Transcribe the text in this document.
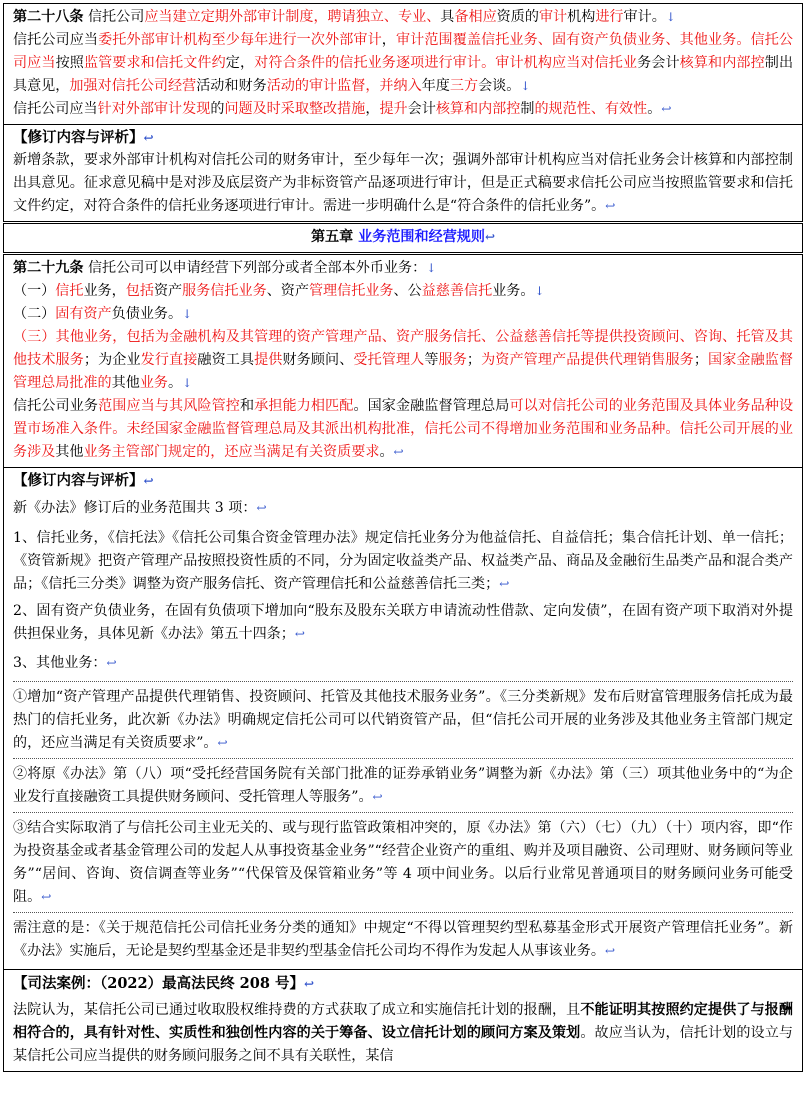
第二十八条 信托公司应当建立定期外部审计制度，聘请独立、专业、具备相应资质的审计机构进行审计。↓

信托公司应当委托外部审计机构至少每年进行一次外部审计，审计范围覆盖信托业务、固有资产负债业务、其他业务。信托公司应当按照监管要求和信托文件约定，对符合条件的信托业务逐项进行审计。审计机构应当对信托业务会计核算和内部控制出具意见，加强对信托公司经营活动和财务活动的审计监督，并纳入年度三方会谈。↓

信托公司应当针对外部审计发现的问题及时采取整改措施，提升会计核算和内部控制的规范性、有效性。↩

【修订内容与评析】↩

新增条款，要求外部审计机构对信托公司的财务审计，至少每年一次；强调外部审计机构应当对信托业务会计核算和内部控制出具意见。征求意见稿中是对涉及底层资产为非标资管产品逐项进行审计，但是正式稿要求信托公司应当按照监管要求和信托文件约定，对符合条件的信托业务逐项进行审计。需进一步明确什么是“符合条件的信托业务”。↩

第五章 业务范围和经营规则↩

第二十九条 信托公司可以申请经营下列部分或者全部本外币业务：↓

（一）信托业务，包括资产服务信托业务、资产管理信托业务、公益慈善信托业务。↓

（二）固有资产负债业务。↓

（三）其他业务，包括为金融机构及其管理的资产管理产品、资产服务信托、公益慈善信托等提供投资顾问、咨询、托管及其他技术服务；为企业发行直接融资工具提供财务顾问、受托管理人等服务；为资产管理产品提供代理销售服务；国家金融监督管理总局批准的其他业务。↓

信托公司业务范围应当与其风险管控和承担能力相匹配。国家金融监督管理总局可以对信托公司的业务范围及具体业务品种设置市场准入条件。未经国家金融监督管理总局及其派出机构批准，信托公司不得增加业务范围和业务品种。信托公司开展的业务涉及其他业务主管部门规定的，还应当满足有关资质要求。↩

【修订内容与评析】↩

新《办法》修订后的业务范围共 3 项：↩

1、信托业务，《信托法》《信托公司集合资金管理办法》规定信托业务分为他益信托、自益信托；集合信托计划、单一信托；《资管新规》把资产管理产品按照投资性质的不同，分为固定收益类产品、权益类产品、商品及金融衍生品类产品和混合类产品；《信托三分类》调整为资产服务信托、资产管理信托和公益慈善信托三类；↩

2、固有资产负债业务，在固有负债项下增加向“股东及股东关联方申请流动性借款、定向发债”，在固有资产项下取消对外提供担保业务，具体见新《办法》第五十四条；↩

3、其他业务：↩

①增加“资产管理产品提供代理销售、投资顾问、托管及其他技术服务业务”。《三分类新规》发布后财富管理服务信托成为最热门的信托业务，此次新《办法》明确规定信托公司可以代销资管产品，但“信托公司开展的业务涉及其他业务主管部门规定的，还应当满足有关资质要求”。↩

②将原《办法》第（八）项“受托经营国务院有关部门批准的证券承销业务”调整为新《办法》第（三）项其他业务中的“为企业发行直接融资工具提供财务顾问、受托管理人等服务”。↩

③结合实际取消了与信托公司主业无关的、或与现行监管政策相冲突的，原《办法》第（六）（七）（九）（十）项内容，即“作为投资基金或者基金管理公司的发起人从事投资基金业务”“经营企业资产的重组、购并及项目融资、公司理财、财务顾问等业务”“居间、咨询、资信调查等业务”“代保管及保管箱业务”等 4 项中间业务。以后行业常见普通项目的财务顾问业务可能受阻。↩

需注意的是：《关于规范信托公司信托业务分类的通知》中规定“不得以管理契约型私募基金形式开展资产管理信托业务”。新《办法》实施后，无论是契约型基金还是非契约型基金信托公司均不得作为发起人从事该业务。↩

【司法案例：（2022）最高法民终 208 号】↩

法院认为，某信托公司已通过收取股权维持费的方式获取了成立和实施信托计划的报酬，且不能证明其按照约定提供了与报酬相符合的，具有针对性、实质性和独创性内容的关于筹备、设立信托计划的顾问方案及策划。故应当认为，信托计划的设立与某信托公司应当提供的财务顾问服务之间不具有关联性，某信
